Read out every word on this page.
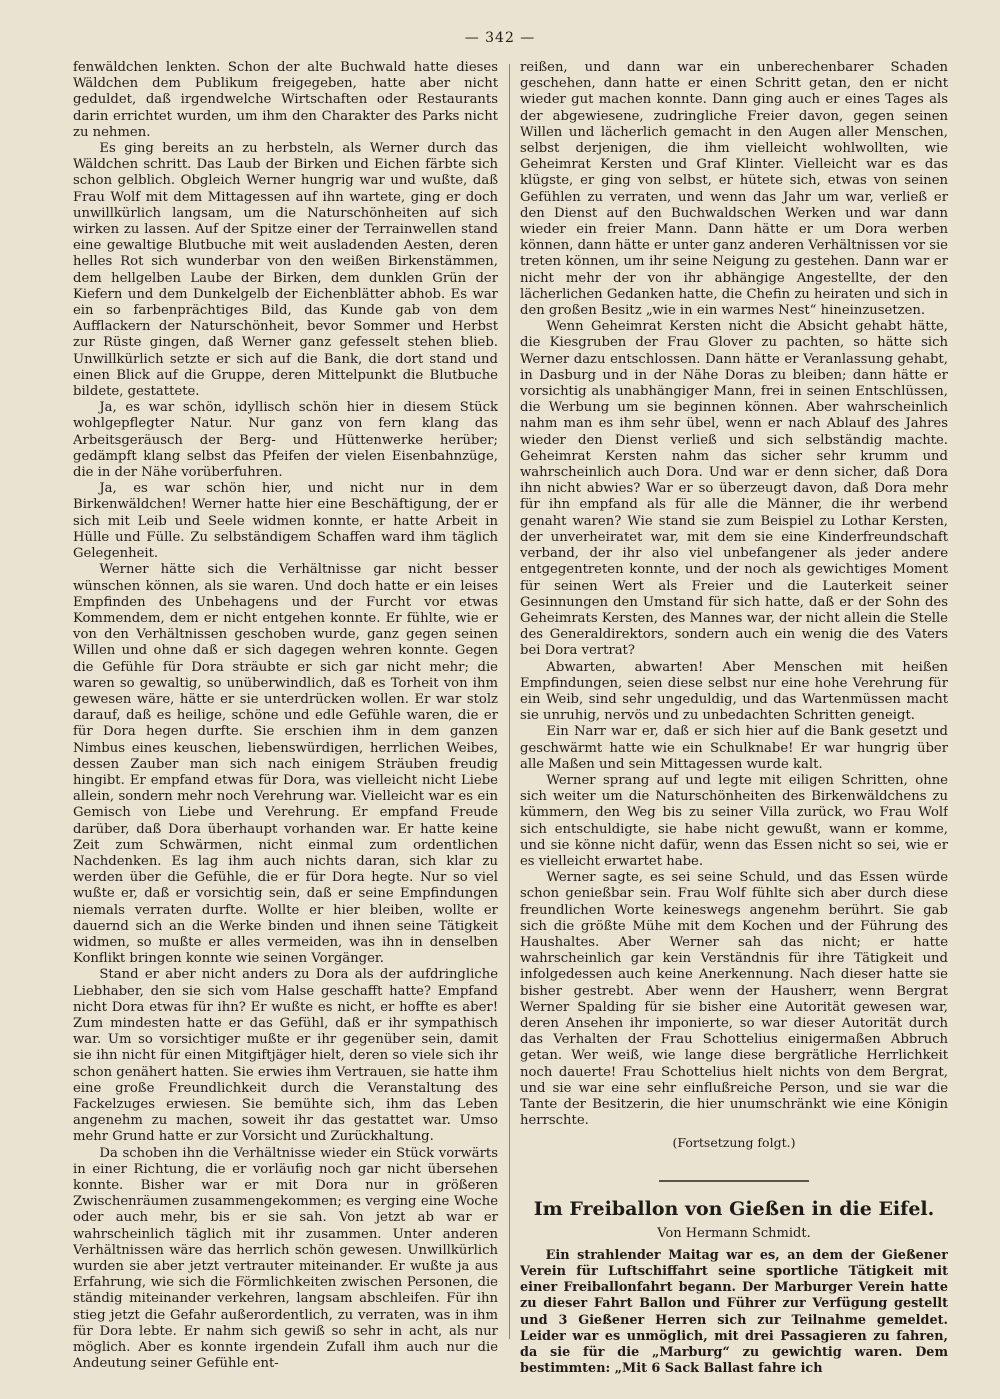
— 342 —

fenwäldchen lenkten. Schon der alte Buchwald hatte dieses Wäldchen dem Publikum freigegeben, hatte aber nicht geduldet, daß irgendwelche Wirtschaften oder Restaurants darin errichtet wurden, um ihm den Charakter des Parks nicht zu nehmen.

Es ging bereits an zu herbsteln, als Werner durch das Wäldchen schritt. Das Laub der Birken und Eichen färbte sich schon gelblich. Obgleich Werner hungrig war und wußte, daß Frau Wolf mit dem Mittagessen auf ihn wartete, ging er doch unwillkürlich langsam, um die Naturschönheiten auf sich wirken zu lassen. Auf der Spitze einer der Terrainwellen stand eine gewaltige Blutbuche mit weit ausladenden Aesten, deren helles Rot sich wunderbar von den weißen Birkenstämmen, dem hellgelben Laube der Birken, dem dunklen Grün der Kiefern und dem Dunkelgelb der Eichenblätter abhob. Es war ein so farbenprächtiges Bild, das Kunde gab von dem Aufflackern der Naturschönheit, bevor Sommer und Herbst zur Rüste gingen, daß Werner ganz gefesselt stehen blieb. Unwillkürlich setzte er sich auf die Bank, die dort stand und einen Blick auf die Gruppe, deren Mittelpunkt die Blutbuche bildete, gestattete.

Ja, es war schön, idyllisch schön hier in diesem Stück wohlgepflegter Natur. Nur ganz von fern klang das Arbeitsgeräusch der Berg- und Hüttenwerke herüber; gedämpft klang selbst das Pfeifen der vielen Eisenbahnzüge, die in der Nähe vorüberfuhren.

Ja, es war schön hier, und nicht nur in dem Birkenwäldchen! Werner hatte hier eine Beschäftigung, der er sich mit Leib und Seele widmen konnte, er hatte Arbeit in Hülle und Fülle. Zu selbständigem Schaffen ward ihm täglich Gelegenheit.

Werner hätte sich die Verhältnisse gar nicht besser wünschen können, als sie waren. Und doch hatte er ein leises Empfinden des Unbehagens und der Furcht vor etwas Kommendem, dem er nicht entgehen konnte. Er fühlte, wie er von den Verhältnissen geschoben wurde, ganz gegen seinen Willen und ohne daß er sich dagegen wehren konnte. Gegen die Gefühle für Dora sträubte er sich gar nicht mehr; die waren so gewaltig, so unüberwindlich, daß es Torheit von ihm gewesen wäre, hätte er sie unterdrücken wollen. Er war stolz darauf, daß es heilige, schöne und edle Gefühle waren, die er für Dora hegen durfte. Sie erschien ihm in dem ganzen Nimbus eines keuschen, liebenswürdigen, herrlichen Weibes, dessen Zauber man sich nach einigem Sträuben freudig hingibt. Er empfand etwas für Dora, was vielleicht nicht Liebe allein, sondern mehr noch Verehrung war. Vielleicht war es ein Gemisch von Liebe und Verehrung. Er empfand Freude darüber, daß Dora überhaupt vorhanden war. Er hatte keine Zeit zum Schwärmen, nicht einmal zum ordentlichen Nachdenken. Es lag ihm auch nichts daran, sich klar zu werden über die Gefühle, die er für Dora hegte. Nur so viel wußte er, daß er vorsichtig sein, daß er seine Empfindungen niemals verraten durfte. Wollte er hier bleiben, wollte er dauernd sich an die Werke binden und ihnen seine Tätigkeit widmen, so mußte er alles vermeiden, was ihn in denselben Konflikt bringen konnte wie seinen Vorgänger.

Stand er aber nicht anders zu Dora als der aufdringliche Liebhaber, den sie sich vom Halse geschafft hatte? Empfand nicht Dora etwas für ihn? Er wußte es nicht, er hoffte es aber! Zum mindesten hatte er das Gefühl, daß er ihr sympathisch war. Um so vorsichtiger mußte er ihr gegenüber sein, damit sie ihn nicht für einen Mitgiftjäger hielt, deren so viele sich ihr schon genähert hatten. Sie erwies ihm Vertrauen, sie hatte ihm eine große Freundlichkeit durch die Veranstaltung des Fackelzuges erwiesen. Sie bemühte sich, ihm das Leben angenehm zu machen, soweit ihr das gestattet war. Umso mehr Grund hatte er zur Vorsicht und Zurückhaltung.

Da schoben ihn die Verhältnisse wieder ein Stück vorwärts in einer Richtung, die er vorläufig noch gar nicht übersehen konnte. Bisher war er mit Dora nur in größeren Zwischenräumen zusammengekommen; es verging eine Woche oder auch mehr, bis er sie sah. Von jetzt ab war er wahrscheinlich täglich mit ihr zusammen. Unter anderen Verhältnissen wäre das herrlich schön gewesen. Unwillkürlich wurden sie aber jetzt vertrauter miteinander. Er wußte ja aus Erfahrung, wie sich die Förmlichkeiten zwischen Personen, die ständig miteinander verkehren, langsam abschleifen. Für ihn stieg jetzt die Gefahr außerordentlich, zu verraten, was in ihm für Dora lebte. Er nahm sich gewiß so sehr in acht, als nur möglich. Aber es konnte irgendein Zufall ihm auch nur die Andeutung seiner Gefühle ent-

reißen, und dann war ein unberechenbarer Schaden geschehen, dann hatte er einen Schritt getan, den er nicht wieder gut machen konnte. Dann ging auch er eines Tages als der abgewiesene, zudringliche Freier davon, gegen seinen Willen und lächerlich gemacht in den Augen aller Menschen, selbst derjenigen, die ihm vielleicht wohlwollten, wie Geheimrat Kersten und Graf Klinter. Vielleicht war es das klügste, er ging von selbst, er hütete sich, etwas von seinen Gefühlen zu verraten, und wenn das Jahr um war, verließ er den Dienst auf den Buchwaldschen Werken und war dann wieder ein freier Mann. Dann hätte er um Dora werben können, dann hätte er unter ganz anderen Verhältnissen vor sie treten können, um ihr seine Neigung zu gestehen. Dann war er nicht mehr der von ihr abhängige Angestellte, der den lächerlichen Gedanken hatte, die Chefin zu heiraten und sich in den großen Besitz „wie in ein warmes Nest“ hineinzusetzen.

Wenn Geheimrat Kersten nicht die Absicht gehabt hätte, die Kiesgruben der Frau Glover zu pachten, so hätte sich Werner dazu entschlossen. Dann hätte er Veranlassung gehabt, in Dasburg und in der Nähe Doras zu bleiben; dann hätte er vorsichtig als unabhängiger Mann, frei in seinen Entschlüssen, die Werbung um sie beginnen können. Aber wahrscheinlich nahm man es ihm sehr übel, wenn er nach Ablauf des Jahres wieder den Dienst verließ und sich selbständig machte. Geheimrat Kersten nahm das sicher sehr krumm und wahrscheinlich auch Dora. Und war er denn sicher, daß Dora ihn nicht abwies? War er so überzeugt davon, daß Dora mehr für ihn empfand als für alle die Männer, die ihr werbend genaht waren? Wie stand sie zum Beispiel zu Lothar Kersten, der unverheiratet war, mit dem sie eine Kinderfreundschaft verband, der ihr also viel unbefangener als jeder andere entgegentreten konnte, und der noch als gewichtiges Moment für seinen Wert als Freier und die Lauterkeit seiner Gesinnungen den Umstand für sich hatte, daß er der Sohn des Geheimrats Kersten, des Mannes war, der nicht allein die Stelle des Generaldirektors, sondern auch ein wenig die des Vaters bei Dora vertrat?

Abwarten, abwarten! Aber Menschen mit heißen Empfindungen, seien diese selbst nur eine hohe Verehrung für ein Weib, sind sehr ungeduldig, und das Wartenmüssen macht sie unruhig, nervös und zu unbedachten Schritten geneigt.

Ein Narr war er, daß er sich hier auf die Bank gesetzt und geschwärmt hatte wie ein Schulknabe! Er war hungrig über alle Maßen und sein Mittagessen wurde kalt.

Werner sprang auf und legte mit eiligen Schritten, ohne sich weiter um die Naturschönheiten des Birkenwäldchens zu kümmern, den Weg bis zu seiner Villa zurück, wo Frau Wolf sich entschuldigte, sie habe nicht gewußt, wann er komme, und sie könne nicht dafür, wenn das Essen nicht so sei, wie er es vielleicht erwartet habe.

Werner sagte, es sei seine Schuld, und das Essen würde schon genießbar sein. Frau Wolf fühlte sich aber durch diese freundlichen Worte keineswegs angenehm berührt. Sie gab sich die größte Mühe mit dem Kochen und der Führung des Haushaltes. Aber Werner sah das nicht; er hatte wahrscheinlich gar kein Verständnis für ihre Tätigkeit und infolgedessen auch keine Anerkennung. Nach dieser hatte sie bisher gestrebt. Aber wenn der Hausherr, wenn Bergrat Werner Spalding für sie bisher eine Autorität gewesen war, deren Ansehen ihr imponierte, so war dieser Autorität durch das Verhalten der Frau Schottelius einigermaßen Abbruch getan. Wer weiß, wie lange diese bergrätliche Herrlichkeit noch dauerte! Frau Schottelius hielt nichts von dem Bergrat, und sie war eine sehr einflußreiche Person, und sie war die Tante der Besitzerin, die hier unumschränkt wie eine Königin herrschte.

(Fortsetzung folgt.)
Im Freiballon von Gießen in die Eifel.
Von Hermann Schmidt.

Ein strahlender Maitag war es, an dem der Gießener Verein für Luftschiffahrt seine sportliche Tätigkeit mit einer Freiballonfahrt begann. Der Marburger Verein hatte zu dieser Fahrt Ballon und Führer zur Verfügung gestellt und 3 Gießener Herren sich zur Teilnahme gemeldet. Leider war es unmöglich, mit drei Passagieren zu fahren, da sie für die „Marburg“ zu gewichtig waren. Dem bestimmten: „Mit 6 Sack Ballast fahre ich
